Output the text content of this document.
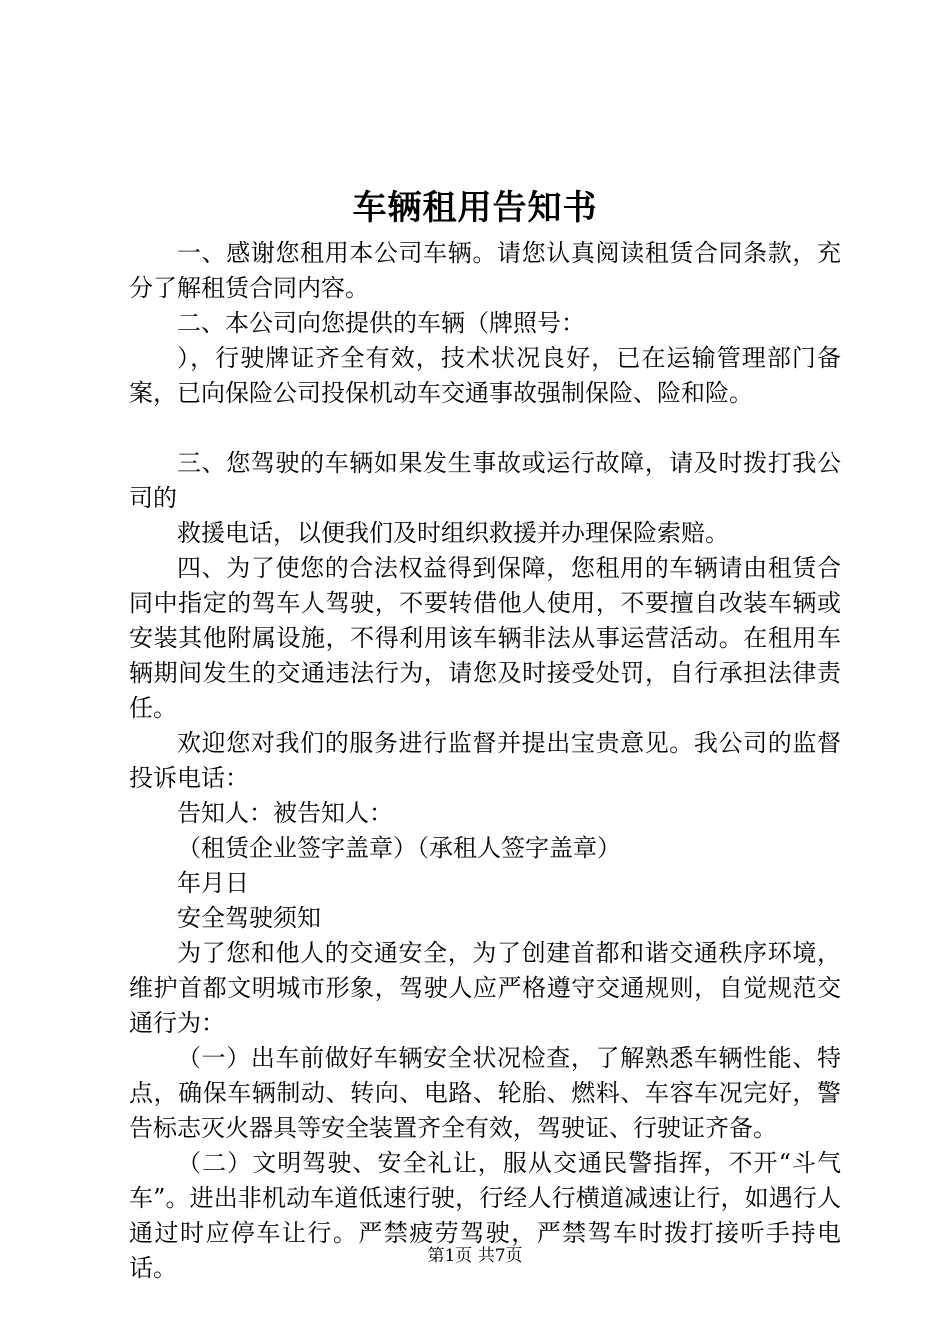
车辆租用告知书

一、感谢您租用本公司车辆。请您认真阅读租赁合同条款，充分了解租赁合同内容。

二、本公司向您提供的车辆（牌照号：

），行驶牌证齐全有效，技术状况良好，已在运输管理部门备案，已向保险公司投保机动车交通事故强制保险、险和险。

三、您驾驶的车辆如果发生事故或运行故障，请及时拨打我公司的

救援电话，以便我们及时组织救援并办理保险索赔。

四、为了使您的合法权益得到保障，您租用的车辆请由租赁合同中指定的驾车人驾驶，不要转借他人使用，不要擅自改装车辆或安装其他附属设施，不得利用该车辆非法从事运营活动。在租用车辆期间发生的交通违法行为，请您及时接受处罚，自行承担法律责任。

欢迎您对我们的服务进行监督并提出宝贵意见。我公司的监督投诉电话：

告知人：被告知人：

（租赁企业签字盖章）（承租人签字盖章）

年月日

安全驾驶须知

为了您和他人的交通安全，为了创建首都和谐交通秩序环境，维护首都文明城市形象，驾驶人应严格遵守交通规则，自觉规范交通行为：

（一）出车前做好车辆安全状况检查，了解熟悉车辆性能、特点，确保车辆制动、转向、电路、轮胎、燃料、车容车况完好，警告标志灭火器具等安全装置齐全有效，驾驶证、行驶证齐备。

（二）文明驾驶、安全礼让，服从交通民警指挥，不开“斗气车”。进出非机动车道低速行驶，行经人行横道减速让行，如遇行人通过时应停车让行。严禁疲劳驾驶，严禁驾车时拨打接听手持电话。	第1页 共7页
